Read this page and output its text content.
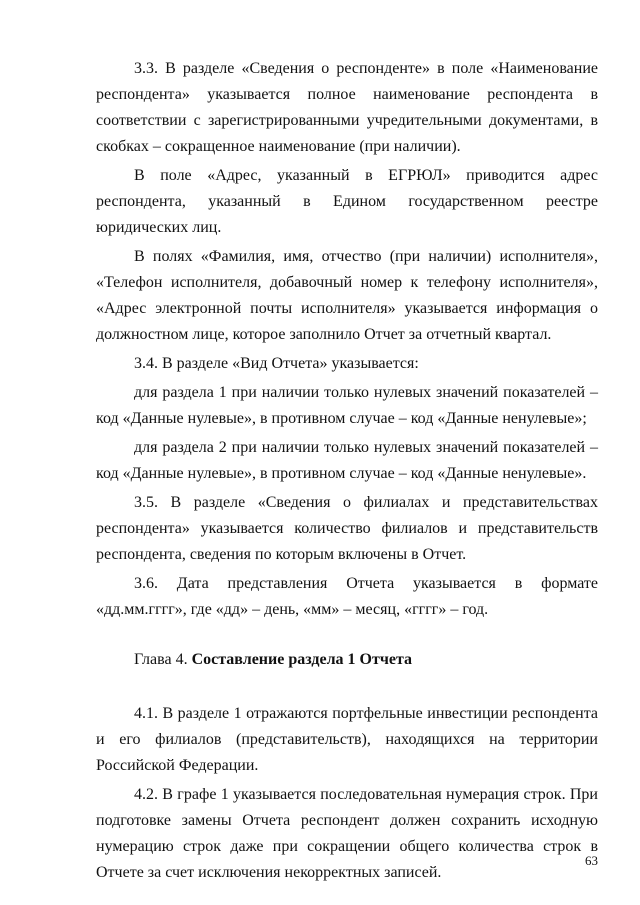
3.3. В разделе «Сведения о респонденте» в поле «Наименование респондента» указывается полное наименование респондента в соответствии с зарегистрированными учредительными документами, в скобках – сокращенное наименование (при наличии).

В поле «Адрес, указанный в ЕГРЮЛ» приводится адрес респондента, указанный в Едином государственном реестре юридических лиц.

В полях «Фамилия, имя, отчество (при наличии) исполнителя», «Телефон исполнителя, добавочный номер к телефону исполнителя», «Адрес электронной почты исполнителя» указывается информация о должностном лице, которое заполнило Отчет за отчетный квартал.

3.4. В разделе «Вид Отчета» указывается:

для раздела 1 при наличии только нулевых значений показателей – код «Данные нулевые», в противном случае – код «Данные ненулевые»;

для раздела 2 при наличии только нулевых значений показателей – код «Данные нулевые», в противном случае – код «Данные ненулевые».

3.5. В разделе «Сведения о филиалах и представительствах респондента» указывается количество филиалов и представительств респондента, сведения по которым включены в Отчет.

3.6. Дата представления Отчета указывается в формате «дд.мм.гггг», где «дд» – день, «мм» – месяц, «гггг» – год.

Глава 4. Составление раздела 1 Отчета

4.1. В разделе 1 отражаются портфельные инвестиции респондента и его филиалов (представительств), находящихся на территории Российской Федерации.

4.2. В графе 1 указывается последовательная нумерация строк. При подготовке замены Отчета респондент должен сохранить исходную нумерацию строк даже при сокращении общего количества строк в Отчете за счет исключения некорректных записей.

63
